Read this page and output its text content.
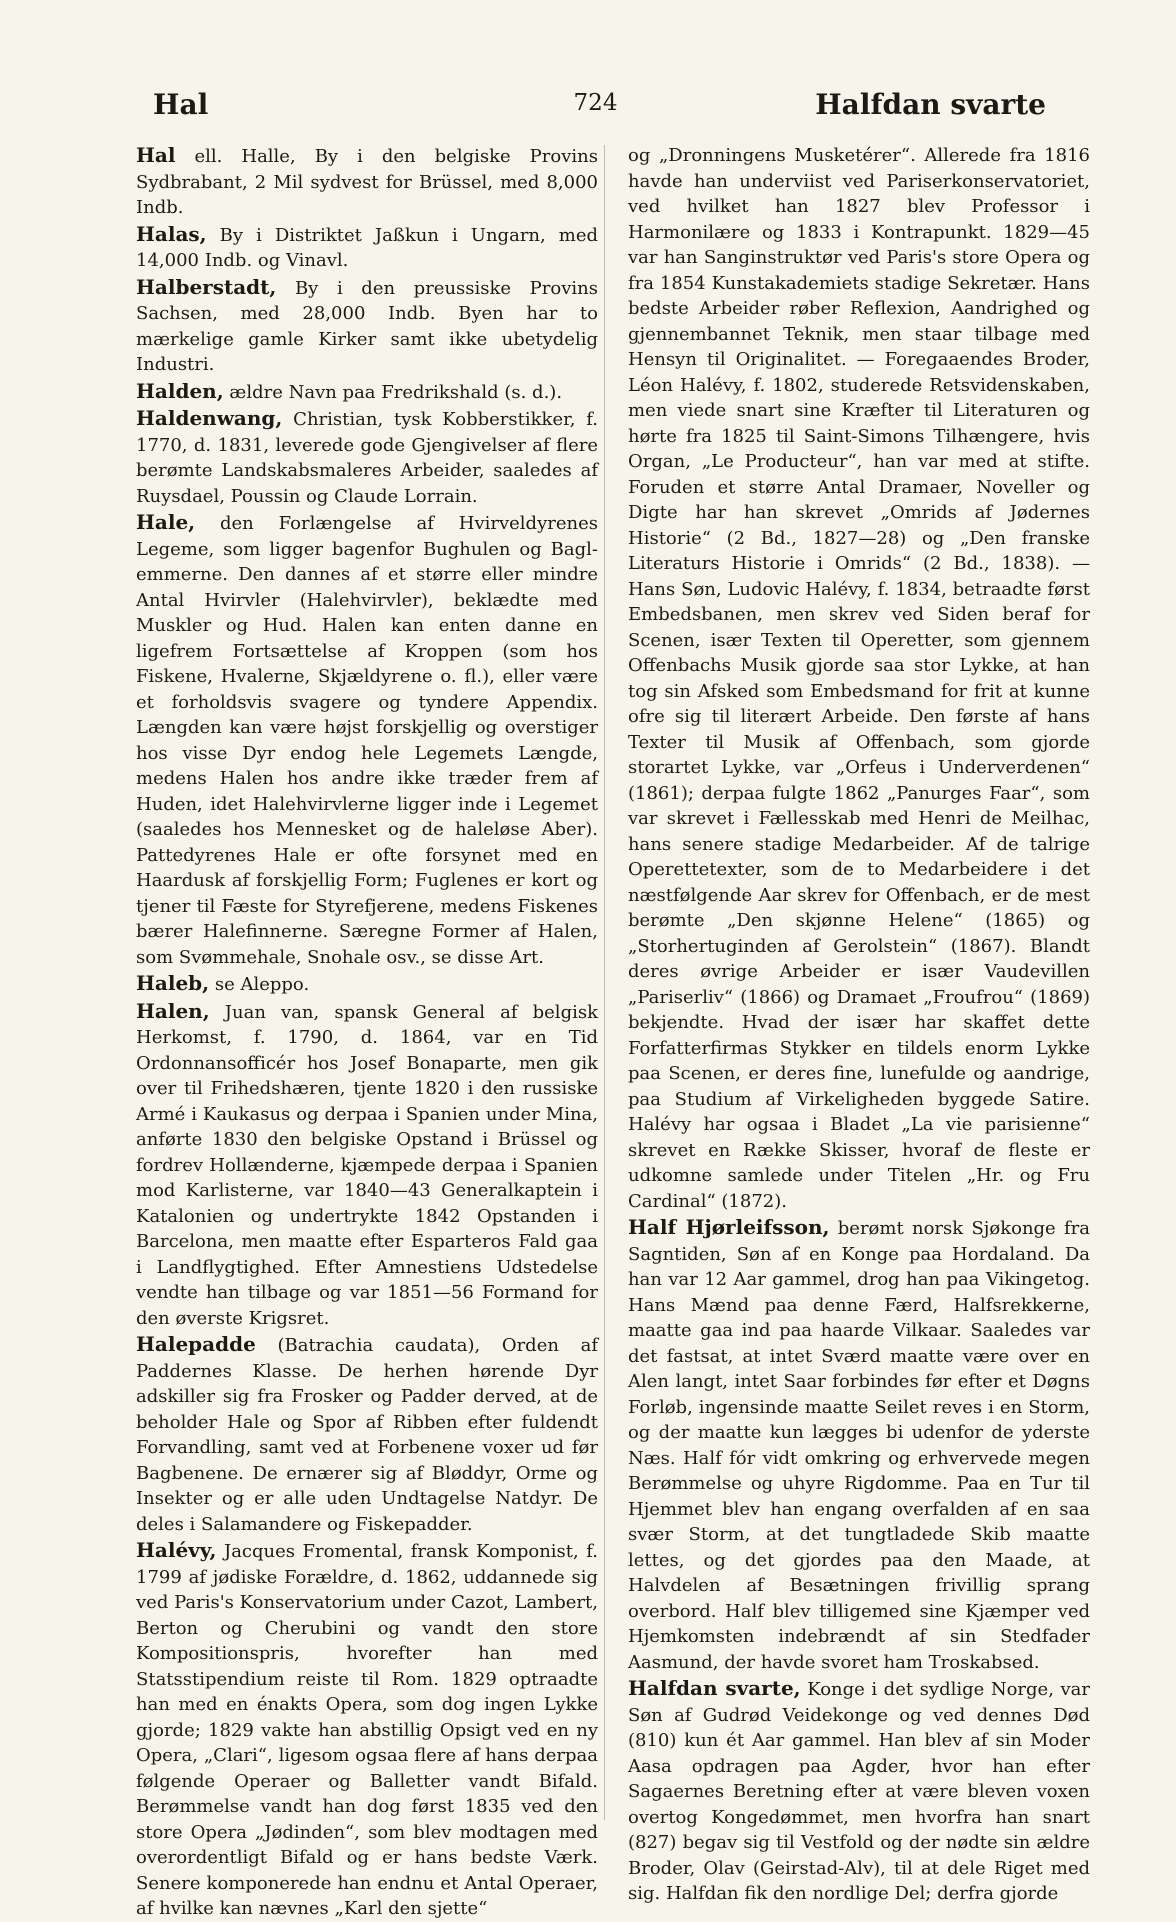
Hal	724	Halfdan svarte

Hal ell. Halle, By i den belgiske Provins Sydbrabant, 2 Mil sydvest for Brüssel, med 8,000 Indb.

Halas, By i Distriktet Jaßkun i Ungarn, med 14,000 Indb. og Vinavl.

Halberstadt, By i den preussiske Provins Sachsen, med 28,000 Indb. Byen har to mærkelige gamle Kirker samt ikke ubetydelig Industri.

Halden, ældre Navn paa Fredrikshald (s. d.).

Haldenwang, Christian, tysk Kobberstikker, f. 1770, d. 1831, leverede gode Gjengivelser af flere berømte Landskabsmaleres Arbeider, saaledes af Ruysdael, Poussin og Claude Lorrain.

Hale, den Forlængelse af Hvirveldyrenes Legeme, som ligger bagenfor Bughulen og Baglemmerne. Den dannes af et større eller mindre Antal Hvirvler (Halehvirvler), beklædte med Muskler og Hud. Halen kan enten danne en ligefrem Fortsættelse af Kroppen (som hos Fiskene, Hvalerne, Skjældyrene o. fl.), eller være et forholdsvis svagere og tyndere Appendix. Længden kan være højst forskjellig og overstiger hos visse Dyr endog hele Legemets Længde, medens Halen hos andre ikke træder frem af Huden, idet Halehvirvlerne ligger inde i Legemet (saaledes hos Mennesket og de haleløse Aber). Pattedyrenes Hale er ofte forsynet med en Haardusk af forskjellig Form; Fuglenes er kort og tjener til Fæste for Styrefjerene, medens Fiskenes bærer Halefinnerne. Særegne Former af Halen, som Svømmehale, Snohale osv., se disse Art.

Haleb, se Aleppo.

Halen, Juan van, spansk General af belgisk Herkomst, f. 1790, d. 1864, var en Tid Ordonnansofficér hos Josef Bonaparte, men gik over til Frihedshæren, tjente 1820 i den russiske Armé i Kaukasus og derpaa i Spanien under Mina, anførte 1830 den belgiske Opstand i Brüssel og fordrev Hollænderne, kjæmpede derpaa i Spanien mod Karlisterne, var 1840—43 Generalkaptein i Katalonien og undertrykte 1842 Opstanden i Barcelona, men maatte efter Esparteros Fald gaa i Landflygtighed. Efter Amnestiens Udstedelse vendte han tilbage og var 1851—56 Formand for den øverste Krigsret.

Halepadde (Batrachia caudata), Orden af Paddernes Klasse. De herhen hørende Dyr adskiller sig fra Frosker og Padder derved, at de beholder Hale og Spor af Ribben efter fuldendt Forvandling, samt ved at Forbenene voxer ud før Bagbenene. De ernærer sig af Bløddyr, Orme og Insekter og er alle uden Undtagelse Natdyr. De deles i Salamandere og Fiskepadder.

Halévy, Jacques Fromental, fransk Komponist, f. 1799 af jødiske Forældre, d. 1862, uddannede sig ved Paris's Konservatorium under Cazot, Lambert, Berton og Cherubini og vandt den store Kompositionspris, hvorefter han med Statsstipendium reiste til Rom. 1829 optraadte han med en énakts Opera, som dog ingen Lykke gjorde; 1829 vakte han abstillig Opsigt ved en ny Opera, „Clari“, ligesom ogsaa flere af hans derpaa følgende Operaer og Balletter vandt Bifald. Berømmelse vandt han dog først 1835 ved den store Opera „Jødinden“, som blev modtagen med overordentligt Bifald og er hans bedste Værk. Senere komponerede han endnu et Antal Operaer, af hvilke kan nævnes „Karl den sjette“

og „Dronningens Musketérer“. Allerede fra 1816 havde han underviist ved Pariserkonservatoriet, ved hvilket han 1827 blev Professor i Harmonilære og 1833 i Kontrapunkt. 1829—45 var han Sanginstruktør ved Paris's store Opera og fra 1854 Kunstakademiets stadige Sekretær. Hans bedste Arbeider røber Reflexion, Aandrighed og gjennembannet Teknik, men staar tilbage med Hensyn til Originalitet. — Foregaaendes Broder, Léon Halévy, f. 1802, studerede Retsvidenskaben, men viede snart sine Kræfter til Literaturen og hørte fra 1825 til Saint-Simons Tilhængere, hvis Organ, „Le Producteur“, han var med at stifte. Foruden et større Antal Dramaer, Noveller og Digte har han skrevet „Omrids af Jødernes Historie“ (2 Bd., 1827—28) og „Den franske Literaturs Historie i Omrids“ (2 Bd., 1838). — Hans Søn, Ludovic Halévy, f. 1834, betraadte først Embedsbanen, men skrev ved Siden beraf for Scenen, især Texten til Operetter, som gjennem Offenbachs Musik gjorde saa stor Lykke, at han tog sin Afsked som Embedsmand for frit at kunne ofre sig til literært Arbeide. Den første af hans Texter til Musik af Offenbach, som gjorde storartet Lykke, var „Orfeus i Underverdenen“ (1861); derpaa fulgte 1862 „Panurges Faar“, som var skrevet i Fællesskab med Henri de Meilhac, hans senere stadige Medarbeider. Af de talrige Operettetexter, som de to Medarbeidere i det næstfølgende Aar skrev for Offenbach, er de mest berømte „Den skjønne Helene“ (1865) og „Storhertuginden af Gerolstein“ (1867). Blandt deres øvrige Arbeider er især Vaudevillen „Pariserliv“ (1866) og Dramaet „Froufrou“ (1869) bekjendte. Hvad der især har skaffet dette Forfatterfirmas Stykker en tildels enorm Lykke paa Scenen, er deres fine, lunefulde og aandrige, paa Studium af Virkeligheden byggede Satire. Halévy har ogsaa i Bladet „La vie parisienne“ skrevet en Række Skisser, hvoraf de fleste er udkomne samlede under Titelen „Hr. og Fru Cardinal“ (1872).

Half Hjørleifsson, berømt norsk Sjøkonge fra Sagntiden, Søn af en Konge paa Hordaland. Da han var 12 Aar gammel, drog han paa Vikingetog. Hans Mænd paa denne Færd, Halfsrekkerne, maatte gaa ind paa haarde Vilkaar. Saaledes var det fastsat, at intet Sværd maatte være over en Alen langt, intet Saar forbindes før efter et Døgns Forløb, ingensinde maatte Seilet reves i en Storm, og der maatte kun lægges bi udenfor de yderste Næs. Half fór vidt omkring og erhvervede megen Berømmelse og uhyre Rigdomme. Paa en Tur til Hjemmet blev han engang overfalden af en saa svær Storm, at det tungtladede Skib maatte lettes, og det gjordes paa den Maade, at Halvdelen af Besætningen frivillig sprang overbord. Half blev tilligemed sine Kjæmper ved Hjemkomsten indebrændt af sin Stedfader Aasmund, der havde svoret ham Troskabsed.

Halfdan svarte, Konge i det sydlige Norge, var Søn af Gudrød Veidekonge og ved dennes Død (810) kun ét Aar gammel. Han blev af sin Moder Aasa opdragen paa Agder, hvor han efter Sagaernes Beretning efter at være bleven voxen overtog Kongedømmet, men hvorfra han snart (827) begav sig til Vestfold og der nødte sin ældre Broder, Olav (Geirstad-Alv), til at dele Riget med sig. Halfdan fik den nordlige Del; derfra gjorde
